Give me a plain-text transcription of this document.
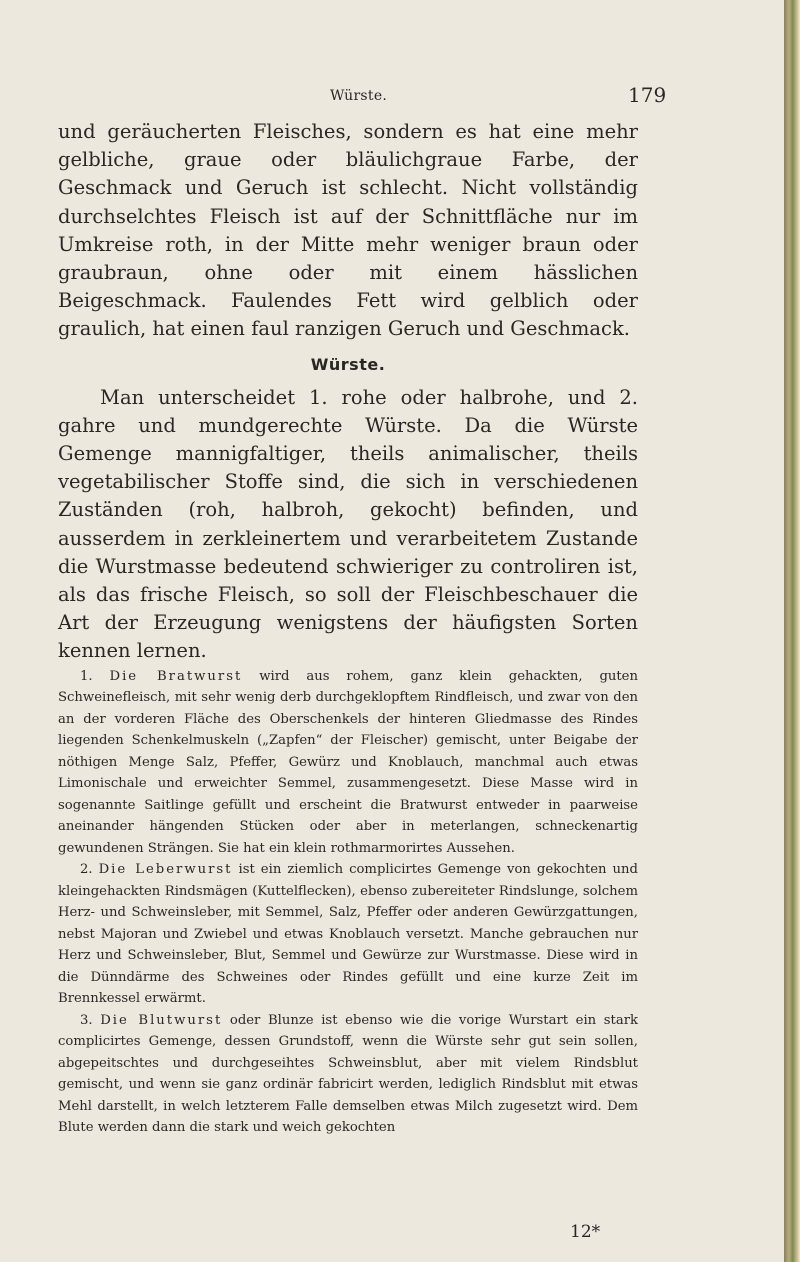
Würste.	179

und geräucherten Fleisches, sondern es hat eine mehr gelbliche, graue oder bläulichgraue Farbe, der Geschmack und Geruch ist schlecht. Nicht vollständig durchselchtes Fleisch ist auf der Schnittfläche nur im Umkreise roth, in der Mitte mehr weniger braun oder graubraun, ohne oder mit einem hässlichen Beigeschmack. Faulendes Fett wird gelblich oder graulich, hat einen faul ranzigen Geruch und Geschmack.

Würste.

Man unterscheidet 1. rohe oder halbrohe, und 2. gahre und mundgerechte Würste. Da die Würste Gemenge mannigfaltiger, theils animalischer, theils vegetabilischer Stoffe sind, die sich in verschiedenen Zuständen (roh, halbroh, gekocht) befinden, und ausserdem in zerkleinertem und verarbeitetem Zustande die Wurstmasse bedeutend schwieriger zu controliren ist, als das frische Fleisch, so soll der Fleischbeschauer die Art der Erzeugung wenigstens der häufigsten Sorten kennen lernen.

1. Die Bratwurst wird aus rohem, ganz klein gehackten, guten Schweinefleisch, mit sehr wenig derb durchgeklopftem Rindfleisch, und zwar von den an der vorderen Fläche des Oberschenkels der hinteren Gliedmasse des Rindes liegenden Schenkelmuskeln („Zapfen“ der Fleischer) gemischt, unter Beigabe der nöthigen Menge Salz, Pfeffer, Gewürz und Knoblauch, manchmal auch etwas Limonischale und erweichter Semmel, zusammengesetzt. Diese Masse wird in sogenannte Saitlinge gefüllt und erscheint die Bratwurst entweder in paarweise aneinander hängenden Stücken oder aber in meterlangen, schneckenartig gewundenen Strängen. Sie hat ein klein rothmarmorirtes Aussehen.

2. Die Leberwurst ist ein ziemlich complicirtes Gemenge von gekochten und kleingehackten Rindsmägen (Kuttelflecken), ebenso zubereiteter Rindslunge, solchem Herz- und Schweinsleber, mit Semmel, Salz, Pfeffer oder anderen Gewürzgattungen, nebst Majoran und Zwiebel und etwas Knoblauch versetzt. Manche gebrauchen nur Herz und Schweinsleber, Blut, Semmel und Gewürze zur Wurstmasse. Diese wird in die Dünndärme des Schweines oder Rindes gefüllt und eine kurze Zeit im Brennkessel erwärmt.

3. Die Blutwurst oder Blunze ist ebenso wie die vorige Wurstart ein stark complicirtes Gemenge, dessen Grundstoff, wenn die Würste sehr gut sein sollen, abgepeitschtes und durchgeseihtes Schweinsblut, aber mit vielem Rindsblut gemischt, und wenn sie ganz ordinär fabricirt werden, lediglich Rindsblut mit etwas Mehl darstellt, in welch letzterem Falle demselben etwas Milch zugesetzt wird. Dem Blute werden dann die stark und weich gekochten

12*
